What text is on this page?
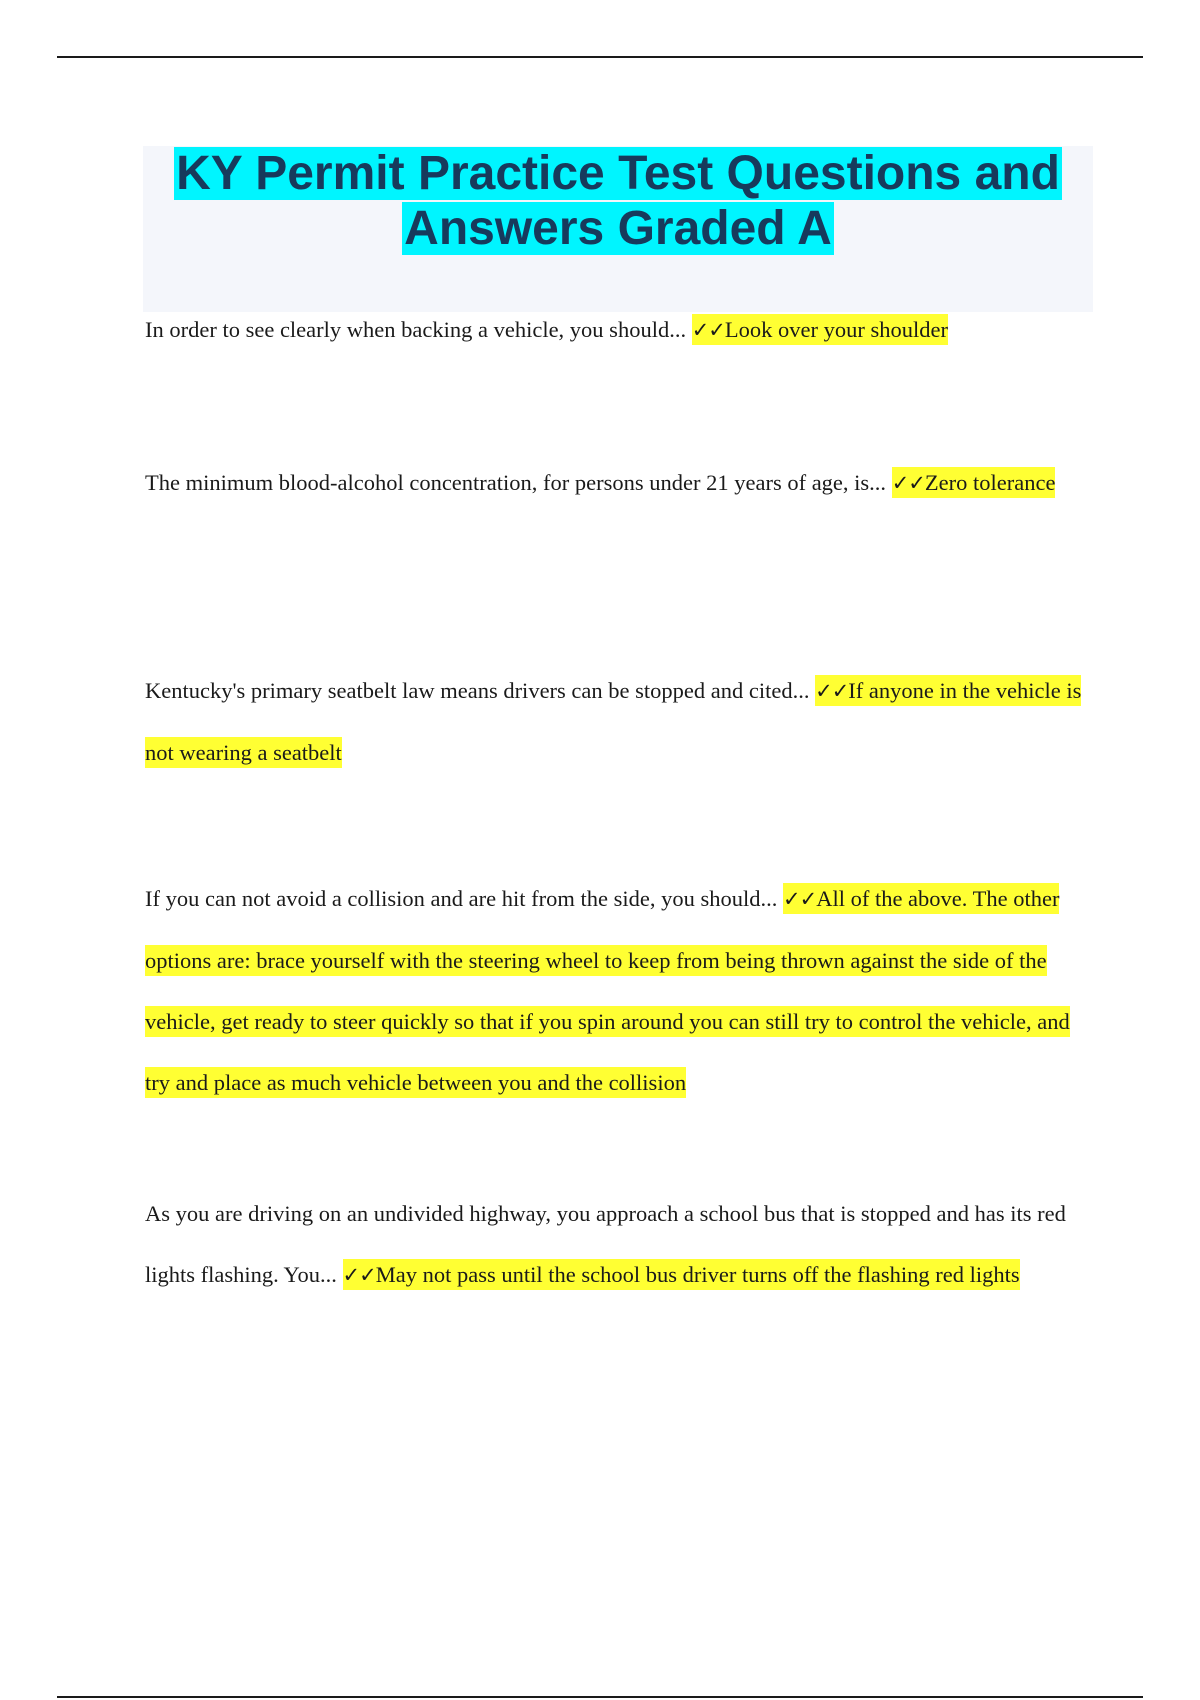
KY Permit Practice Test Questions and Answers Graded A

In order to see clearly when backing a vehicle, you should... ✓✓Look over your shoulder

The minimum blood-alcohol concentration, for persons under 21 years of age, is... ✓✓Zero tolerance

Kentucky's primary seatbelt law means drivers can be stopped and cited... ✓✓If anyone in the vehicle is not wearing a seatbelt

If you can not avoid a collision and are hit from the side, you should... ✓✓All of the above. The other options are: brace yourself with the steering wheel to keep from being thrown against the side of the vehicle, get ready to steer quickly so that if you spin around you can still try to control the vehicle, and try and place as much vehicle between you and the collision

As you are driving on an undivided highway, you approach a school bus that is stopped and has its red lights flashing. You... ✓✓May not pass until the school bus driver turns off the flashing red lights
